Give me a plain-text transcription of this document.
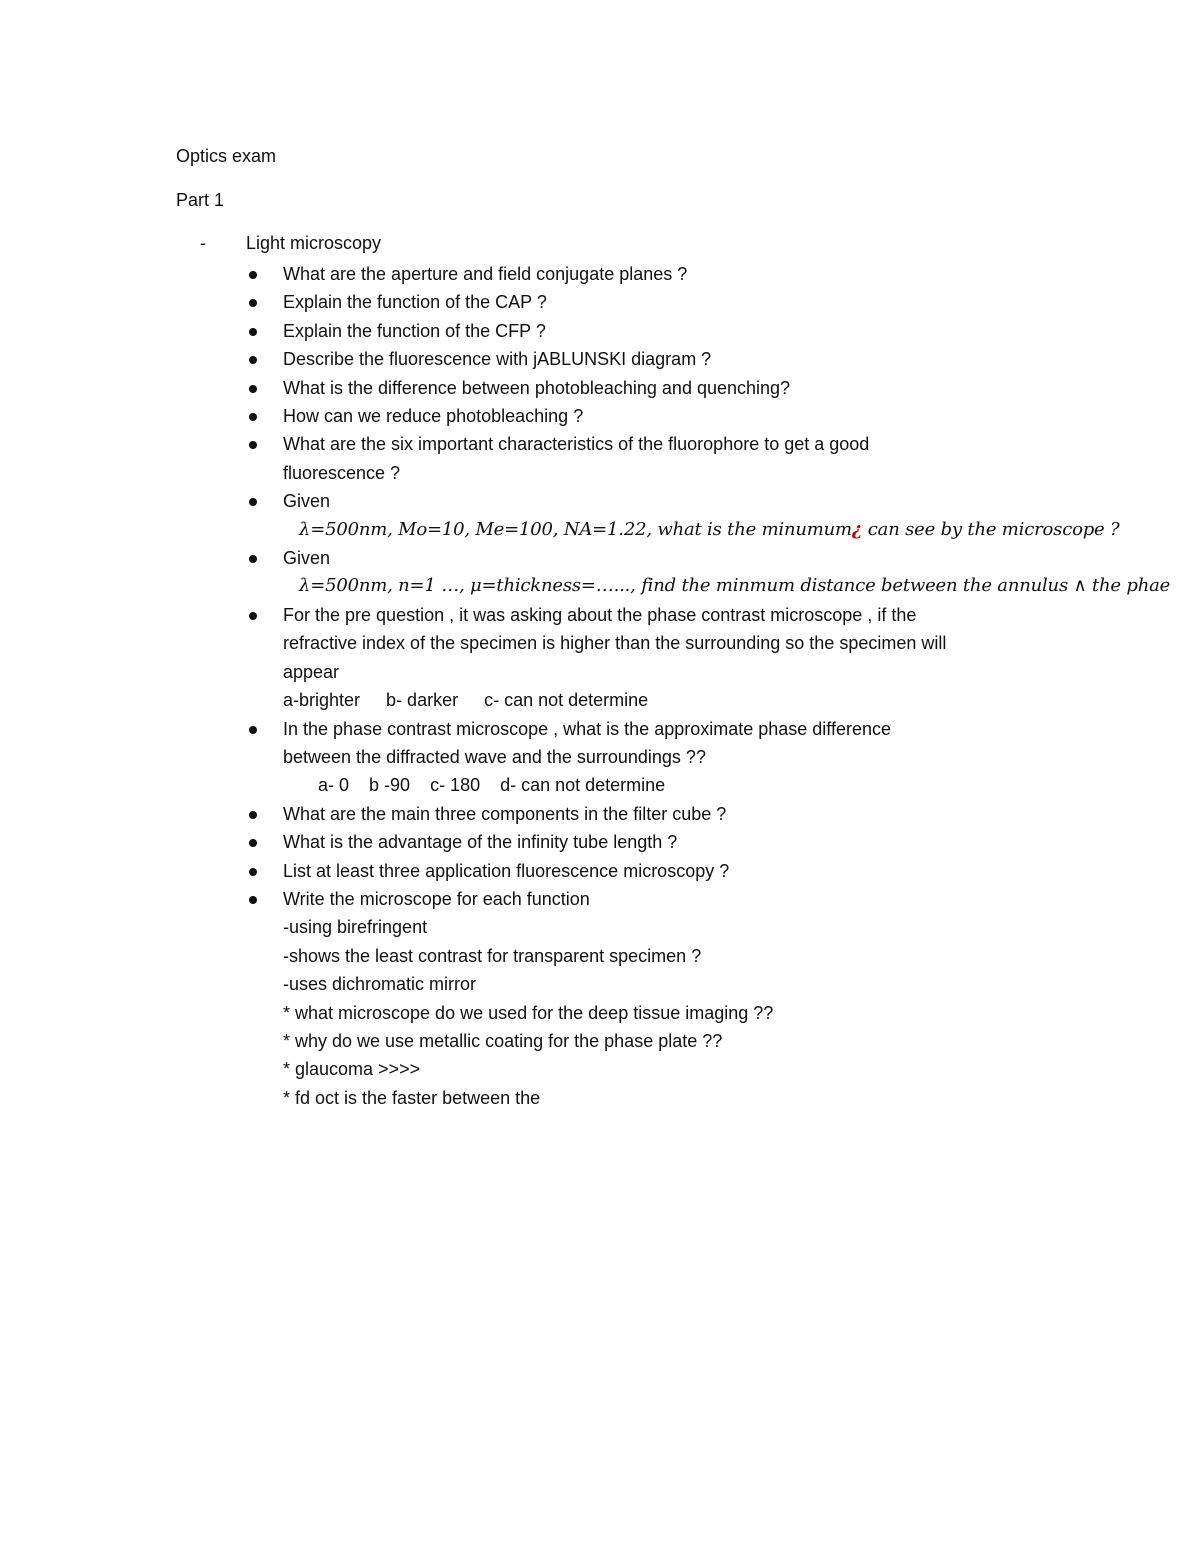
Optics exam
Part 1
- Light microscopy
What are the aperture and field conjugate planes ?
Explain the function of the CAP ?
Explain the function of the CFP ?
Describe the fluorescence with jABLUNSKI diagram ?
What is the difference between photobleaching and quenching?
How can we reduce photobleaching ?
What are the six important characteristics of the fluorophore to get a good
fluorescence ?
Given
λ=500nm, Mo=10, Me=100, NA=1.22, what is the minumum¿ can see by the microscope ?
Given
λ=500nm, n=1 …, μ=thickness=…..., find the minmum distance between the annulus ∧ the phae
For the pre question , it was asking about the phase contrast microscope , if the
refractive index of the specimen is higher than the surrounding so the specimen will
appear
a-brighter b- darker c- can not determine
In the phase contrast microscope , what is the approximate phase difference
between the diffracted wave and the surroundings ??
a- 0 b -90 c- 180 d- can not determine
What are the main three components in the filter cube ?
What is the advantage of the infinity tube length ?
List at least three application fluorescence microscopy ?
Write the microscope for each function
-using birefringent
-shows the least contrast for transparent specimen ?
-uses dichromatic mirror
* what microscope do we used for the deep tissue imaging ??
* why do we use metallic coating for the phase plate ??
* glaucoma >>>>
* fd oct is the faster between the
